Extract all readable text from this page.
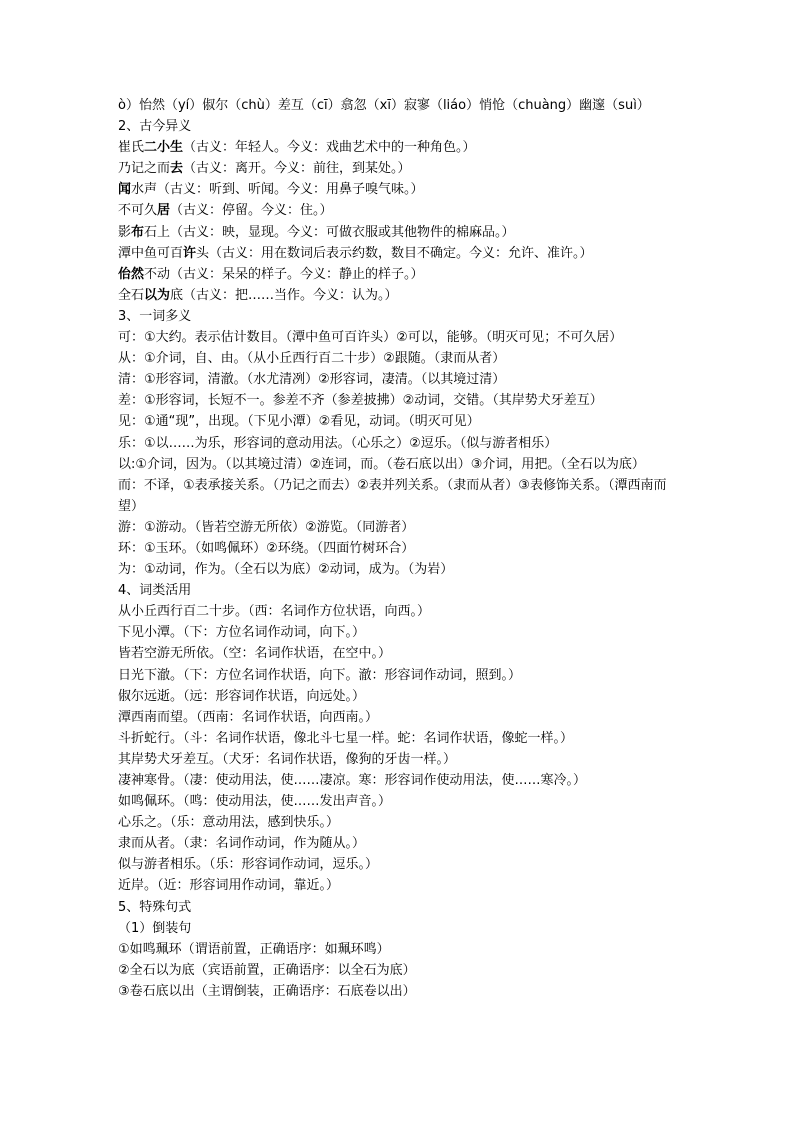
ò）怡然（yí）俶尔（chù）差互（cī）翕忽（xī）寂寥（liáo）悄怆（chuàng）幽邃（suì）
2、古今异义
崔氏二小生（古义：年轻人。今义：戏曲艺术中的一种角色。）
乃记之而去（古义：离开。今义：前往，到某处。）
闻水声（古义：听到、听闻。今义：用鼻子嗅气味。）
不可久居（古义：停留。今义：住。）
影布石上（古义：映，显现。今义：可做衣服或其他物件的棉麻品。）
潭中鱼可百许头（古义：用在数词后表示约数，数目不确定。今义：允许、准许。）
佁然不动（古义：呆呆的样子。今义：静止的样子。）
全石以为底（古义：把……当作。今义：认为。）
3、一词多义
可：①大约。表示估计数目。（潭中鱼可百许头）②可以，能够。（明灭可见；不可久居）
从：①介词，自、由。（从小丘西行百二十步）②跟随。（隶而从者）
清：①形容词，清澈。（水尤清冽）②形容词，凄清。（以其境过清）
差：①形容词，长短不一。参差不齐（参差披拂）②动词，交错。（其岸势犬牙差互）
见：①通“现”，出现。（下见小潭）②看见，动词。（明灭可见）
乐：①以……为乐，形容词的意动用法。（心乐之）②逗乐。（似与游者相乐）
以:①介词，因为。（以其境过清）②连词，而。（卷石底以出）③介词，用把。（全石以为底）
而：不译，①表承接关系。（乃记之而去）②表并列关系。（隶而从者）③表修饰关系。（潭西南而望）
游：①游动。（皆若空游无所依）②游览。（同游者）
环：①玉环。（如鸣佩环）②环绕。（四面竹树环合）
为：①动词，作为。（全石以为底）②动词，成为。（为岩）
4、词类活用
从小丘西行百二十步。（西：名词作方位状语，向西。）
下见小潭。（下：方位名词作动词，向下。）
皆若空游无所依。（空：名词作状语，在空中。）
日光下澈。（下：方位名词作状语，向下。澈：形容词作动词，照到。）
俶尔远逝。（远：形容词作状语，向远处。）
潭西南而望。（西南：名词作状语，向西南。）
斗折蛇行。（斗：名词作状语，像北斗七星一样。蛇：名词作状语，像蛇一样。）
其岸势犬牙差互。（犬牙：名词作状语，像狗的牙齿一样。）
凄神寒骨。（凄：使动用法，使……凄凉。寒：形容词作使动用法，使……寒冷。）
如鸣佩环。（鸣：使动用法，使……发出声音。）
心乐之。（乐：意动用法，感到快乐。）
隶而从者。（隶：名词作动词，作为随从。）
似与游者相乐。（乐：形容词作动词，逗乐。）
近岸。（近：形容词用作动词，靠近。）
5、特殊句式
（1）倒装句
①如鸣珮环（谓语前置，正确语序：如珮环鸣）
②全石以为底（宾语前置，正确语序：以全石为底）
③卷石底以出（主谓倒装，正确语序：石底卷以出）
